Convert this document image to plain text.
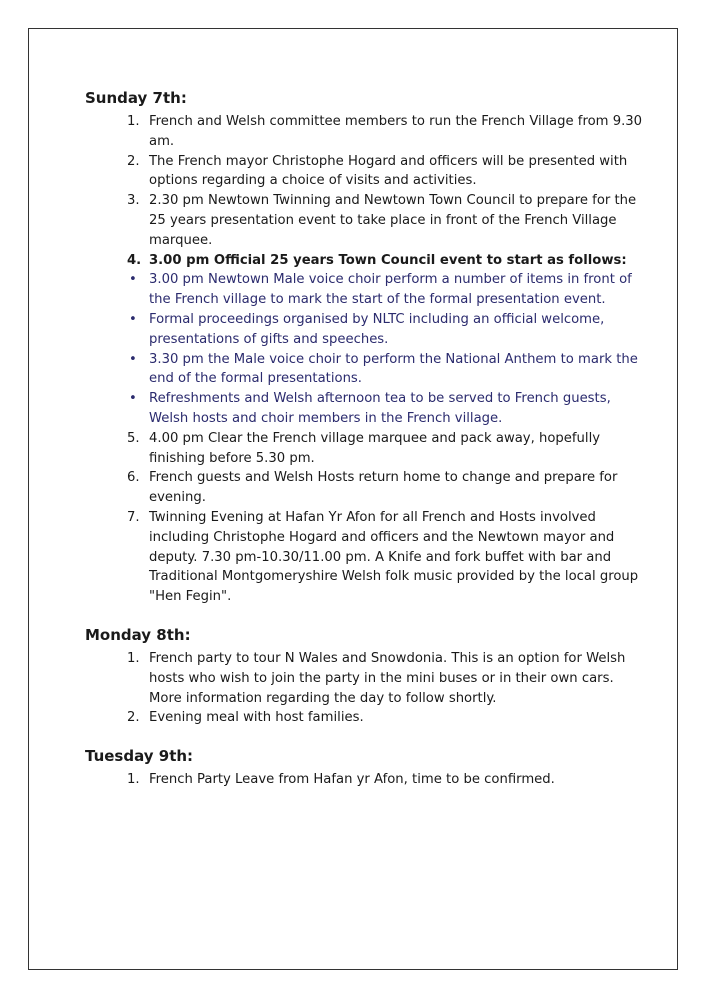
Sunday 7th:
1. French and Welsh committee members to run the French Village from 9.30 am.
2. The French mayor Christophe Hogard and officers will be presented with options regarding a choice of visits and activities.
3. 2.30 pm Newtown Twinning and Newtown Town Council to prepare for the 25 years presentation event to take place in front of the French Village marquee.
4. 3.00 pm Official 25 years Town Council event to start as follows:
• 3.00 pm Newtown Male voice choir perform a number of items in front of the French village to mark the start of the formal presentation event.
• Formal proceedings organised by NLTC including an official welcome, presentations of gifts and speeches.
• 3.30 pm the Male voice choir to perform the National Anthem to mark the end of the formal presentations.
• Refreshments and Welsh afternoon tea to be served to French guests, Welsh hosts and choir members in the French village.
5. 4.00 pm Clear the French village marquee and pack away, hopefully finishing before 5.30 pm.
6. French guests and Welsh Hosts return home to change and prepare for evening.
7. Twinning Evening at Hafan Yr Afon for all French and Hosts involved including Christophe Hogard and officers and the Newtown mayor and deputy. 7.30 pm-10.30/11.00 pm. A Knife and fork buffet with bar and Traditional Montgomeryshire Welsh folk music provided by the local group "Hen Fegin".
Monday 8th:
1. French party to tour N Wales and Snowdonia. This is an option for Welsh hosts who wish to join the party in the mini buses or in their own cars. More information regarding the day to follow shortly.
2. Evening meal with host families.
Tuesday 9th:
1. French Party Leave from Hafan yr Afon, time to be confirmed.
